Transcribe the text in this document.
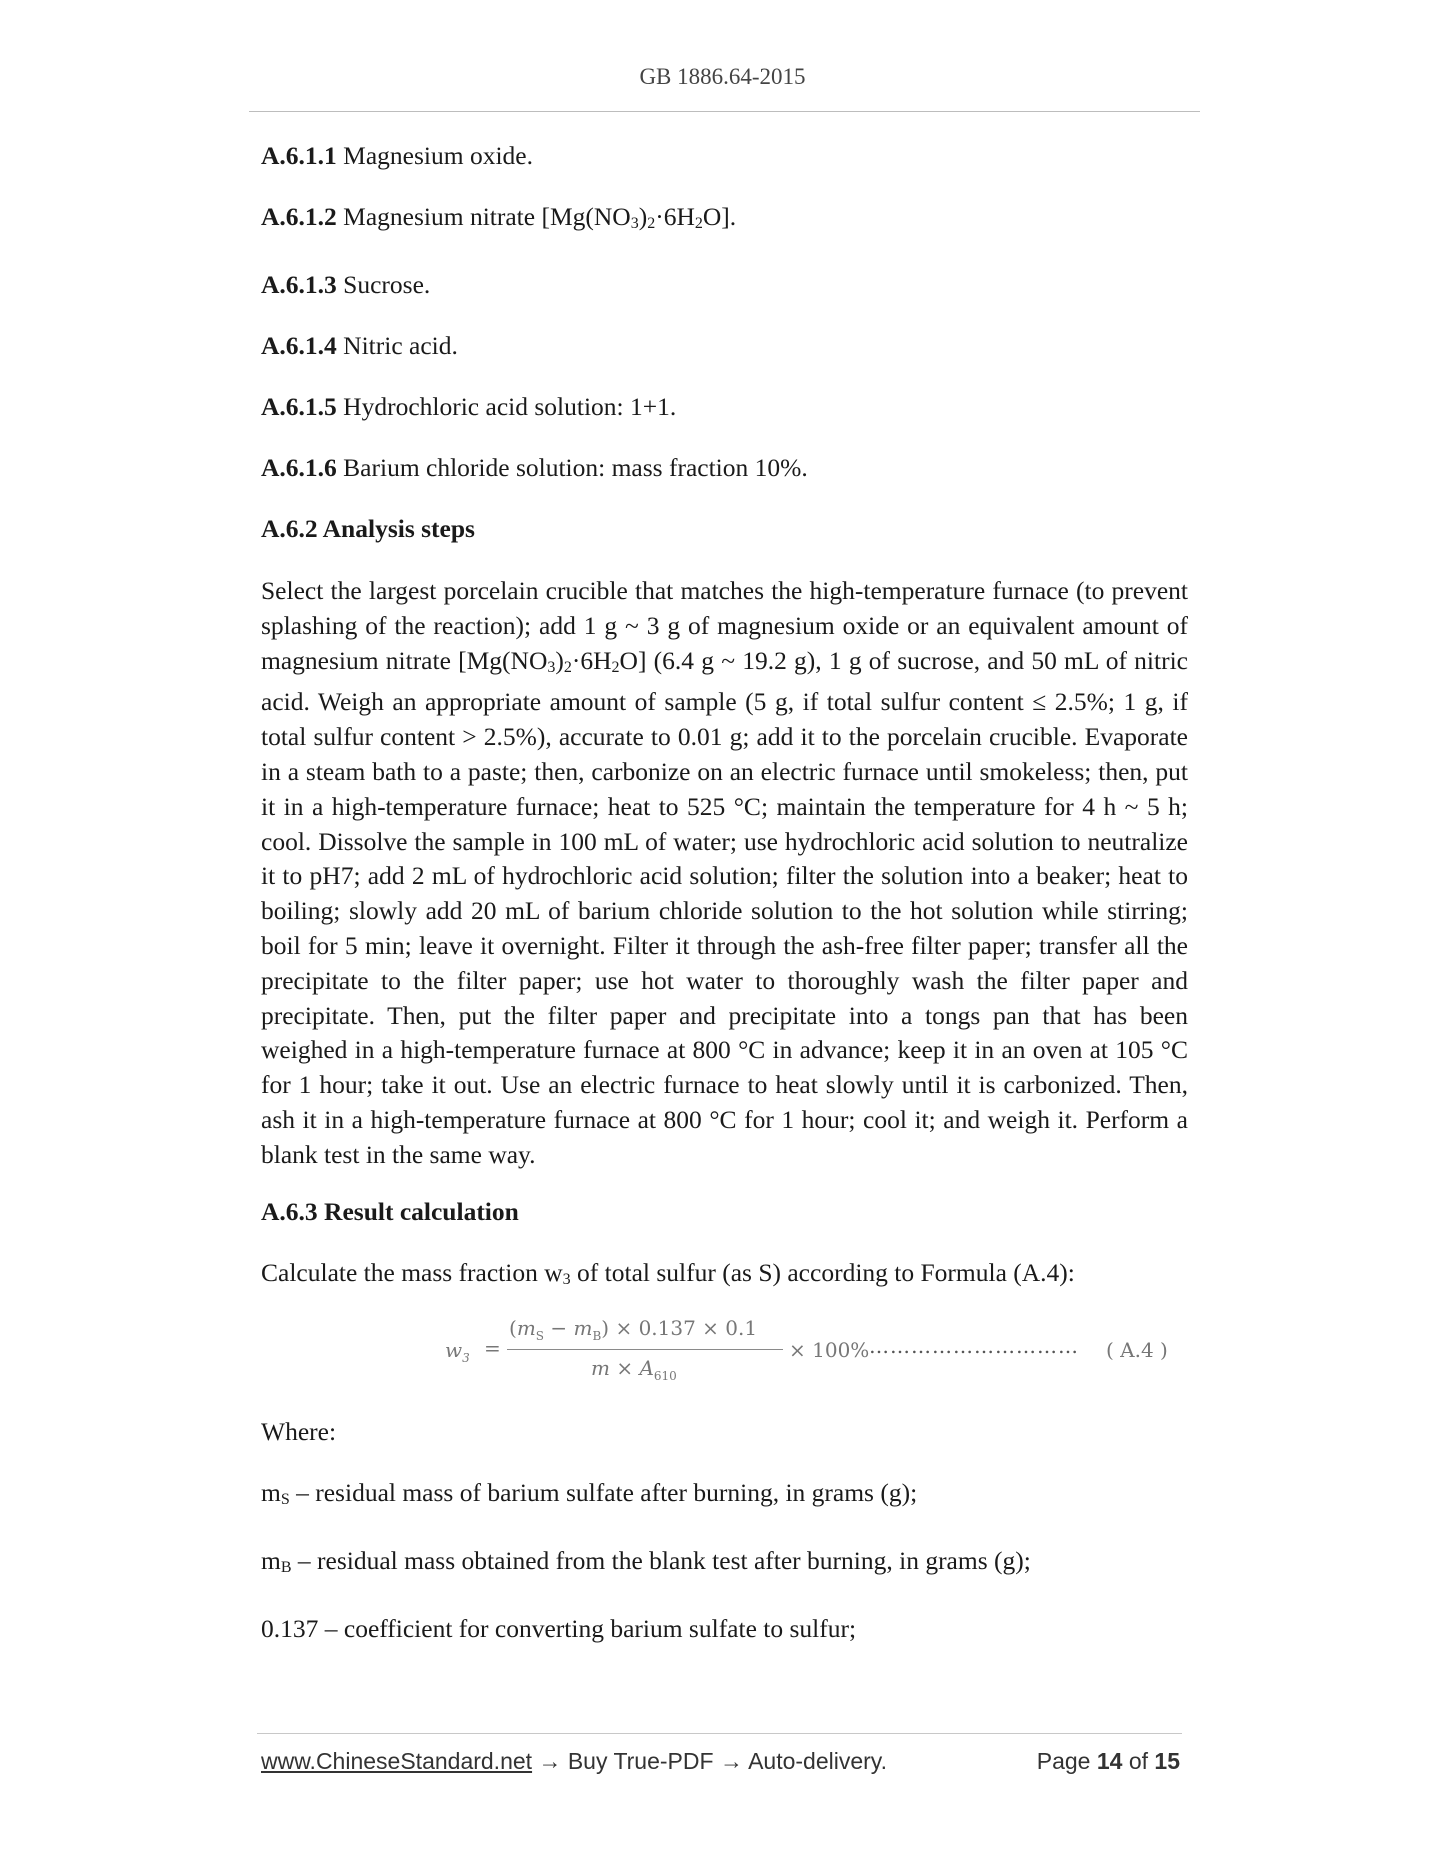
GB 1886.64-2015
A.6.1.1 Magnesium oxide.
A.6.1.2 Magnesium nitrate $[Mg(NO_3)_2\cdot 6H_2O]$.
A.6.1.3 Sucrose.
A.6.1.4 Nitric acid.
A.6.1.5 Hydrochloric acid solution: 1+1.
A.6.1.6 Barium chloride solution: mass fraction 10%.
A.6.2 Analysis steps
Select the largest porcelain crucible that matches the high-temperature furnace (to prevent splashing of the reaction); add 1 g ~ 3 g of magnesium oxide or an equivalent amount of magnesium nitrate $[Mg(NO_3)_2\cdot 6H_2O]$ (6.4 g ~ 19.2 g), 1 g of sucrose, and 50 mL of nitric acid. Weigh an appropriate amount of sample (5 g, if total sulfur content ≤ 2.5%; 1 g, if total sulfur content > 2.5%), accurate to 0.01 g; add it to the porcelain crucible. Evaporate in a steam bath to a paste; then, carbonize on an electric furnace until smokeless; then, put it in a high-temperature furnace; heat to 525 °C; maintain the temperature for 4 h ~ 5 h; cool. Dissolve the sample in 100 mL of water; use hydrochloric acid solution to neutralize it to pH7; add 2 mL of hydrochloric acid solution; filter the solution into a beaker; heat to boiling; slowly add 20 mL of barium chloride solution to the hot solution while stirring; boil for 5 min; leave it overnight. Filter it through the ash-free filter paper; transfer all the precipitate to the filter paper; use hot water to thoroughly wash the filter paper and precipitate. Then, put the filter paper and precipitate into a tongs pan that has been weighed in a high-temperature furnace at 800 °C in advance; keep it in an oven at 105 °C for 1 hour; take it out. Use an electric furnace to heat slowly until it is carbonized. Then, ash it in a high-temperature furnace at 800 °C for 1 hour; cool it; and weigh it. Perform a blank test in the same way.
A.6.3 Result calculation
Calculate the mass fraction $w_3$ of total sulfur (as S) according to Formula (A.4):
$w_3$ =
$(m_S - m_B) \times 0.137 \times 0.1$
$m \times A_{610}$
× 100% ………………………… ( A.4 )
Where:
$m_S$ – residual mass of barium sulfate after burning, in grams (g);
$m_B$ – residual mass obtained from the blank test after burning, in grams (g);
0.137 – coefficient for converting barium sulfate to sulfur;
www.ChineseStandard.net → Buy True-PDF → Auto-delivery.	Page 14 of 15
